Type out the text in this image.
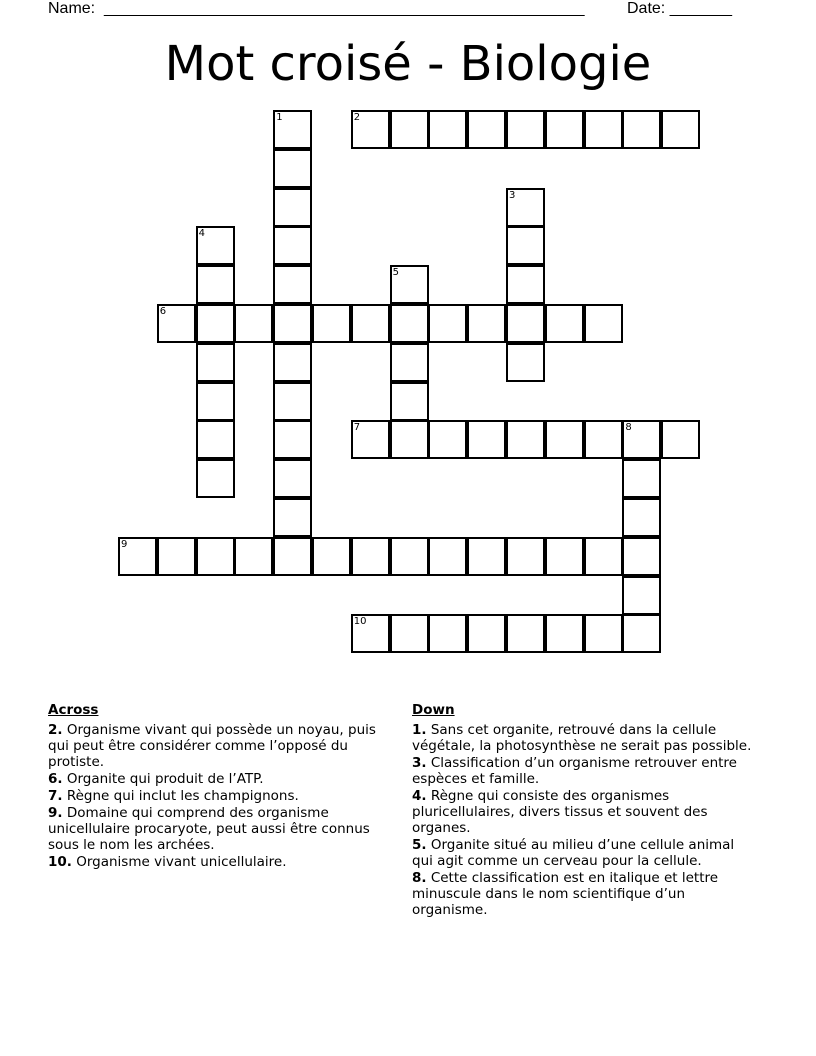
Name: ______________________________________________________	Date: _______
Mot croisé - Biologie
1	2
3
4
5
6
7	8
9
10
Across
2. Organisme vivant qui possède un noyau, puis qui peut être considérer comme l’opposé du protiste.
6. Organite qui produit de l’ATP.
7. Règne qui inclut les champignons.
9. Domaine qui comprend des organisme unicellulaire procaryote, peut aussi être connus sous le nom les archées.
10. Organisme vivant unicellulaire.
Down
1. Sans cet organite, retrouvé dans la cellule végétale, la photosynthèse ne serait pas possible.
3. Classification d’un organisme retrouver entre espèces et famille.
4. Règne qui consiste des organismes pluricellulaires, divers tissus et souvent des organes.
5. Organite situé au milieu d’une cellule animal qui agit comme un cerveau pour la cellule.
8. Cette classification est en italique et lettre minuscule dans le nom scientifique d’un organisme.
